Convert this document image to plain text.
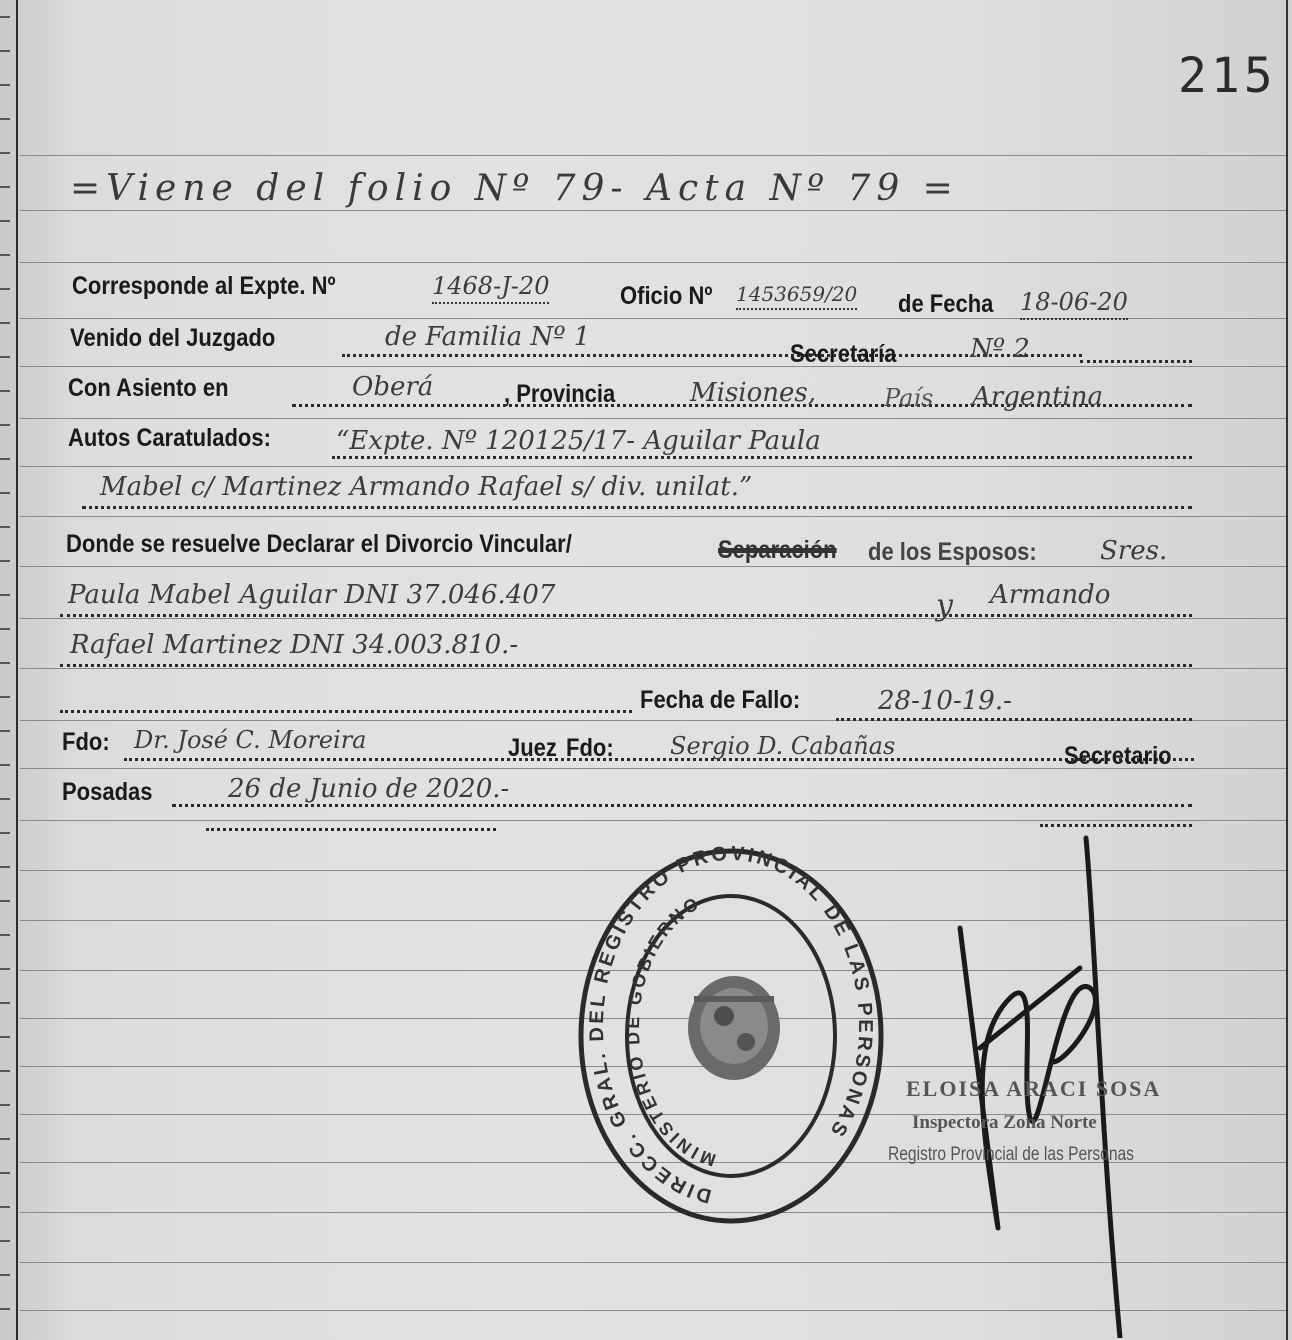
215
=Viene del folio Nº 79- Acta Nº 79 =
Corresponde al Expte. Nº	1468-J-20	Oficio Nº 1453659/20 de Fecha 18-06-20
Venido del Juzgado	de Familia Nº 1
Secretaría	Nº 2
Con Asiento en	Oberá	, Provincia	Misiones,	País Argentina
Autos Caratulados:	“Expte. Nº 120125/17- Aguilar Paula
Mabel c/ Martinez Armando Rafael s/ div. unilat.”
Donde se resuelve Declarar el Divorcio Vincular/	Separación de los Esposos: Sres.
Paula Mabel Aguilar DNI 37.046.407	y Armando
Rafael Martinez DNI 34.003.810.-
Fecha de Fallo:	28-10-19.-
Fdo: Dr. José C. Moreira	Juez Fdo: Sergio D. Cabañas	Secretario
Posadas	26 de Junio de 2020.-
DIRECC. GRAL. DEL REGISTRO PROVINCIAL DE LAS PERSONAS
MINISTERIO DE GOBIERNO
ELOISA ARACI SOSA
Inspectora Zona Norte
Registro Provincial de las Personas
